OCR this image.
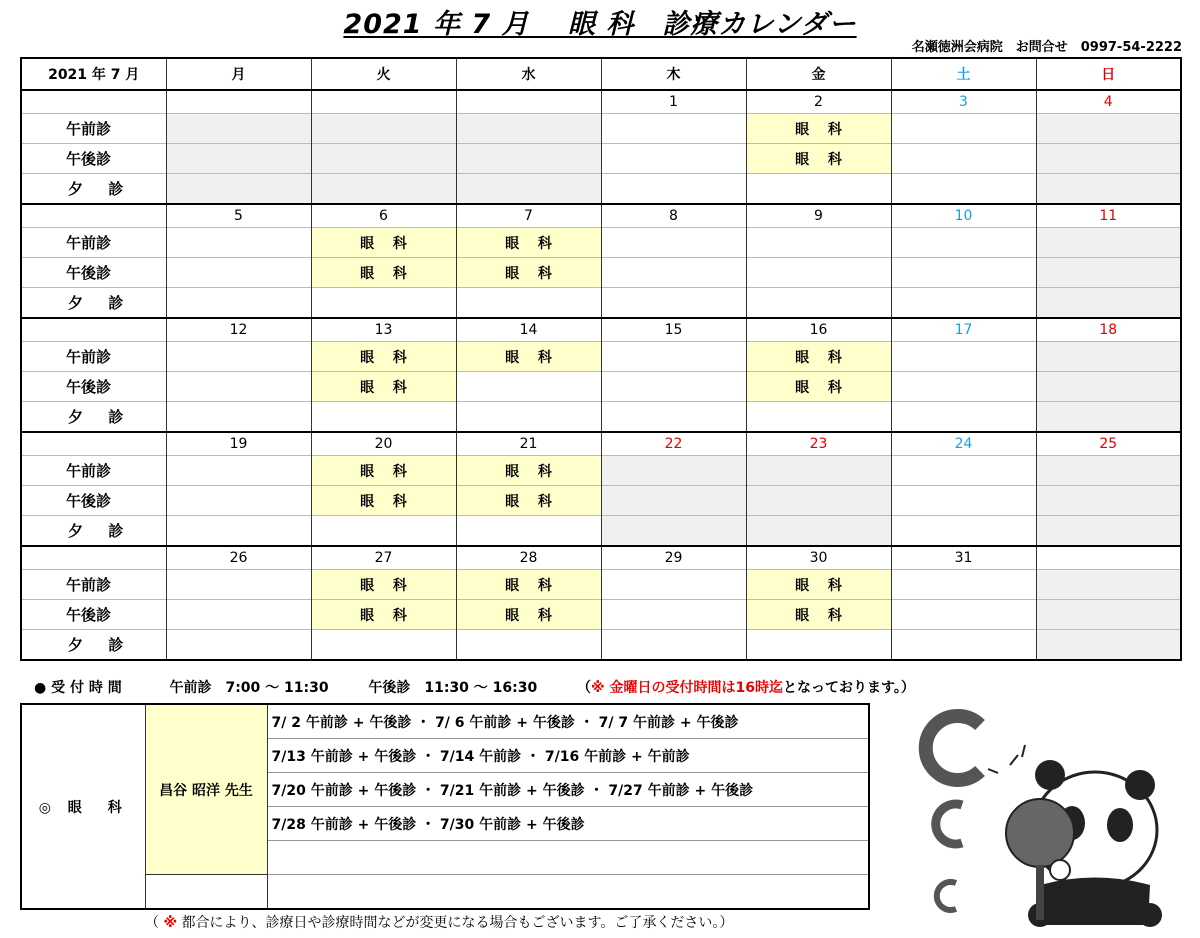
2021 年 7 月　 眼 科　診療カレンダー
名瀬徳洲会病院　お問合せ　0997-54-2222
2021 年 7 月	月	火	水	木	金	土	日
				1	2	3	4
午前診					眼　 科		
午後診					眼　 科		
夕 診							
	5	6	7	8	9	10	11
午前診		眼　 科	眼　 科				
午後診		眼　 科	眼　 科				
夕 診							
	12	13	14	15	16	17	18
午前診		眼　 科	眼　 科		眼　 科		
午後診		眼　 科			眼　 科		
夕 診							
	19	20	21	22	23	24	25
午前診		眼　 科	眼　 科				
午後診		眼　 科	眼　 科				
夕 診							
	26	27	28	29	30	31	
午前診		眼　 科	眼　 科		眼　 科		
午後診		眼　 科	眼　 科		眼　 科		
夕 診							
● 受 付 時 間	午前診　7:00 ～ 11:30	午後診　11:30 ～ 16:30	（※ 金曜日の受付時間は16時迄となっております。）
◎ 眼　科	昌谷 昭洋 先生	7/ 2 午前診 + 午後診 ・ 7/ 6 午前診 + 午後診 ・ 7/ 7 午前診 + 午後診
		7/13 午前診 + 午後診 ・ 7/14 午前診 ・ 7/16 午前診 + 午前診
		7/20 午前診 + 午後診 ・ 7/21 午前診 + 午後診 ・ 7/27 午前診 + 午後診
		7/28 午前診 + 午後診 ・ 7/30 午前診 + 午後診

（ ※ 都合により、診療日や診療時間などが変更になる場合もございます。ご了承ください。）
